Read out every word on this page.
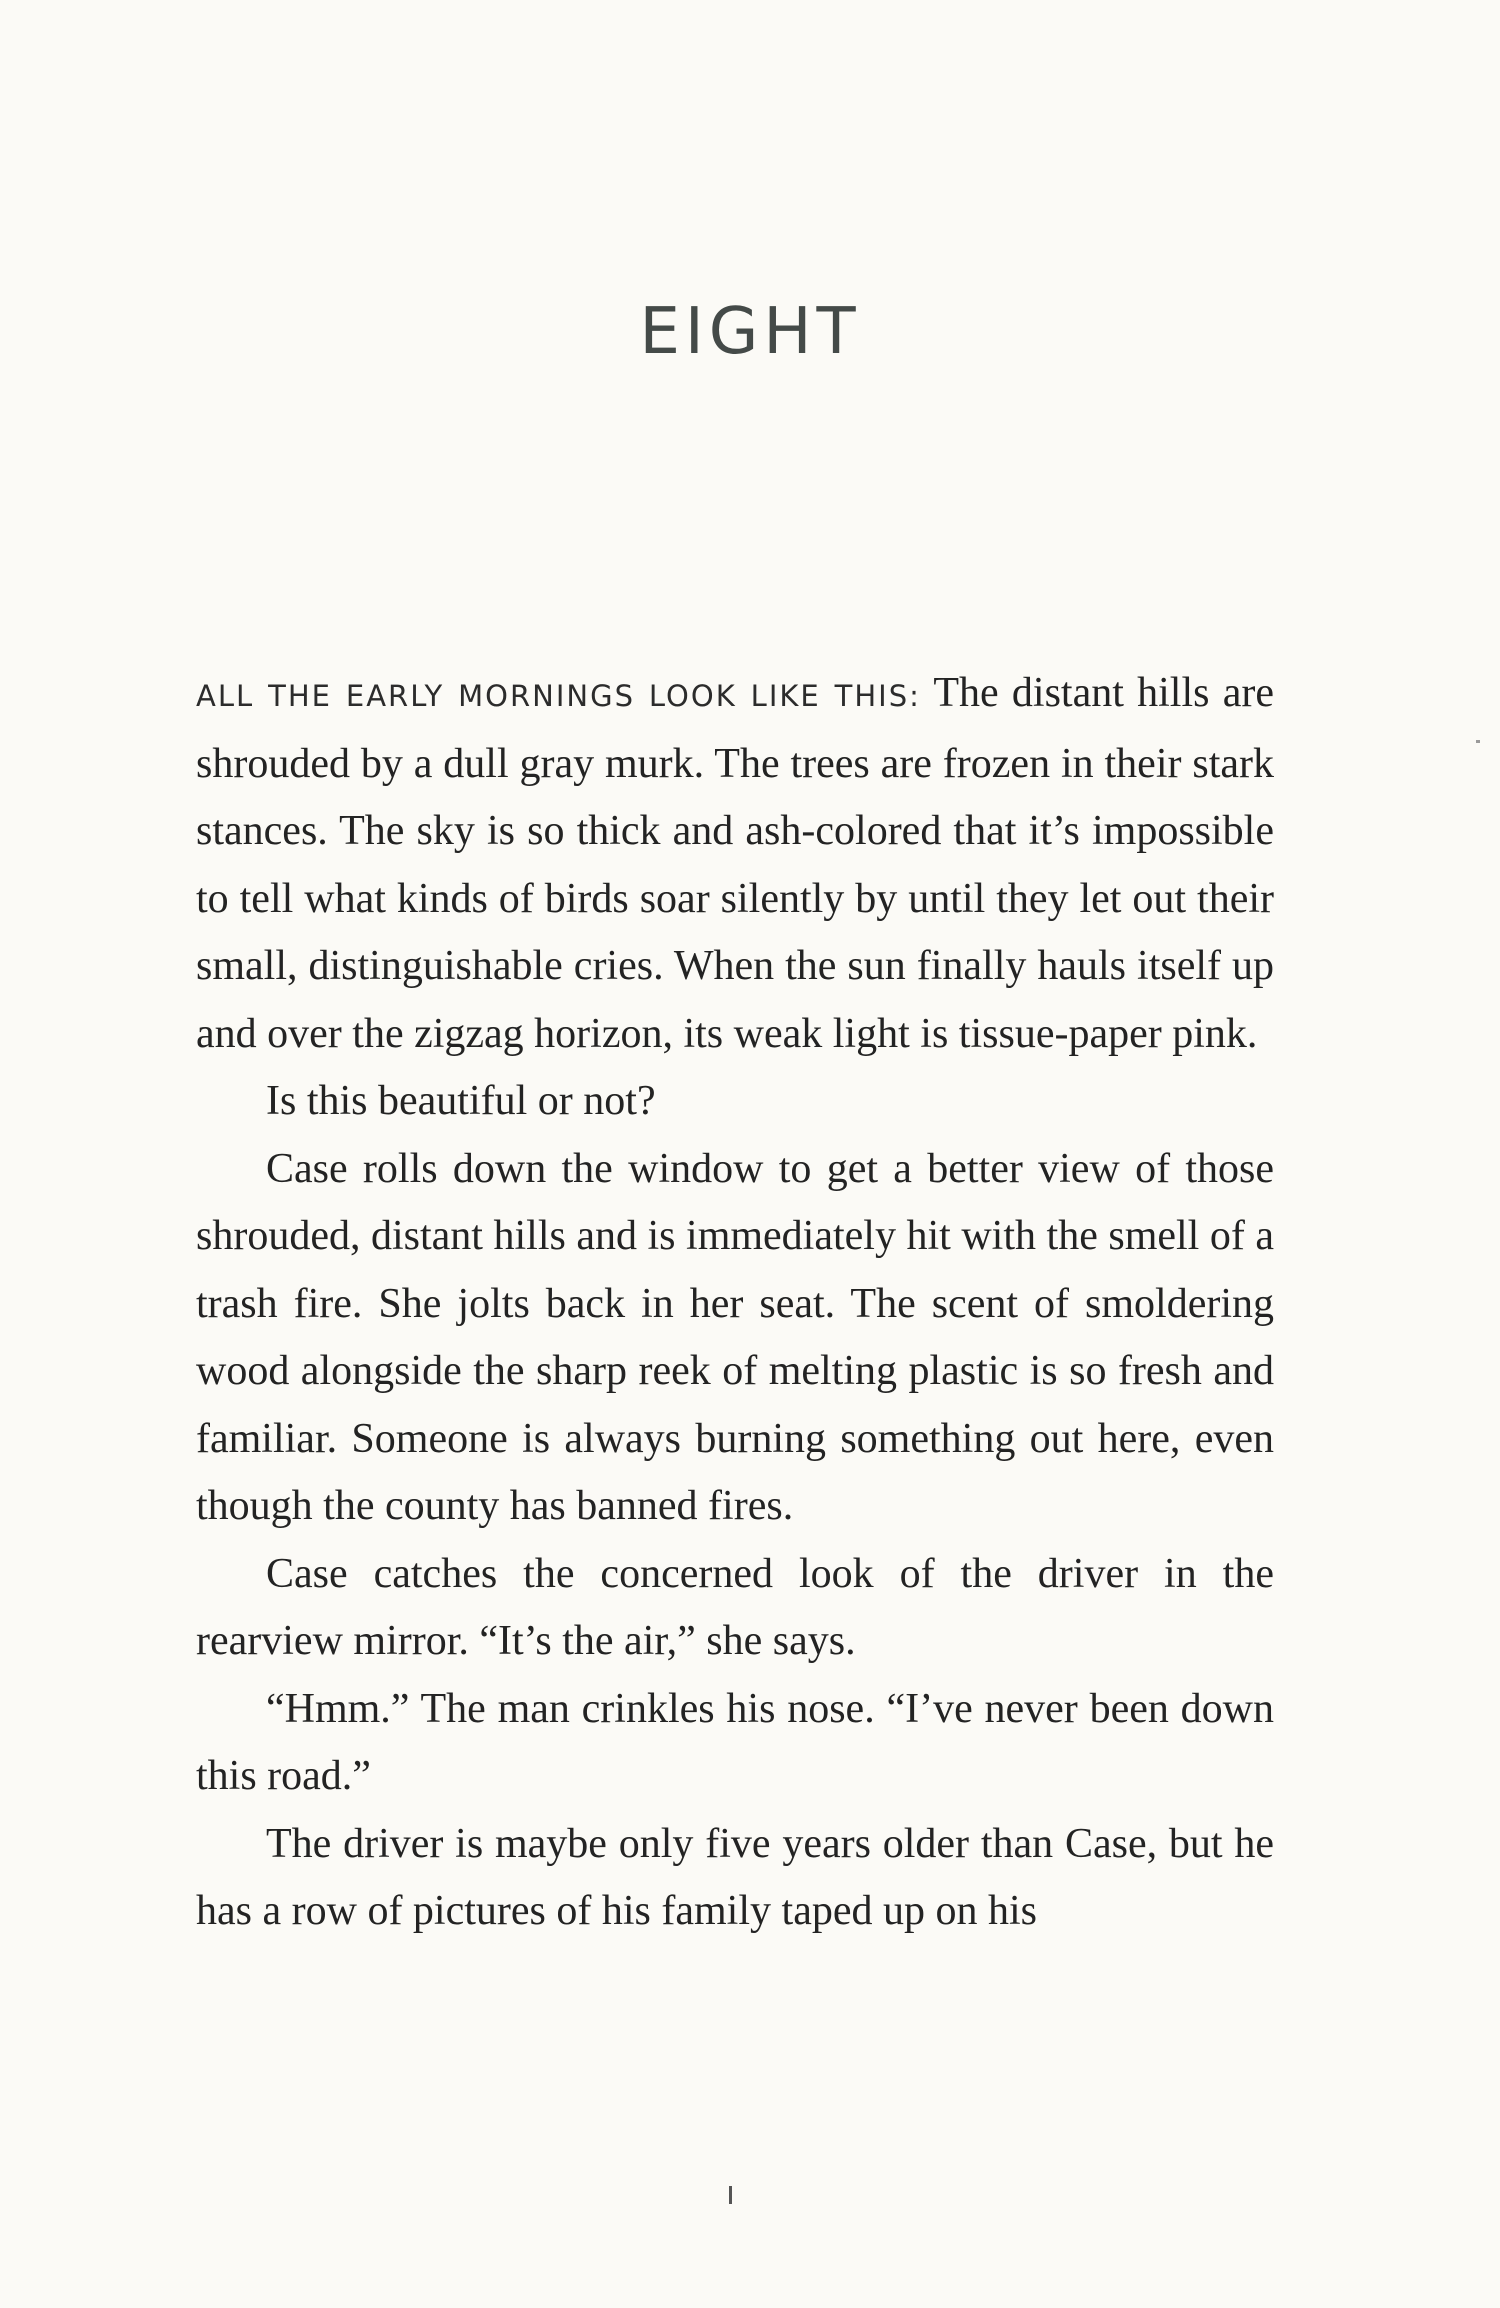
EIGHT

ALL THE EARLY MORNINGS LOOK LIKE THIS: The distant hills are shrouded by a dull gray murk. The trees are frozen in their stark stances. The sky is so thick and ash-colored that it’s impossible to tell what kinds of birds soar silently by until they let out their small, distinguishable cries. When the sun finally hauls itself up and over the zigzag horizon, its weak light is tissue-paper pink.

Is this beautiful or not?

Case rolls down the window to get a better view of those shrouded, distant hills and is immediately hit with the smell of a trash fire. She jolts back in her seat. The scent of smoldering wood alongside the sharp reek of melting plastic is so fresh and familiar. Someone is always burning something out here, even though the county has banned fires.

Case catches the concerned look of the driver in the rearview mirror. “It’s the air,” she says.

“Hmm.” The man crinkles his nose. “I’ve never been down this road.”

The driver is maybe only five years older than Case, but he has a row of pictures of his family taped up on his
